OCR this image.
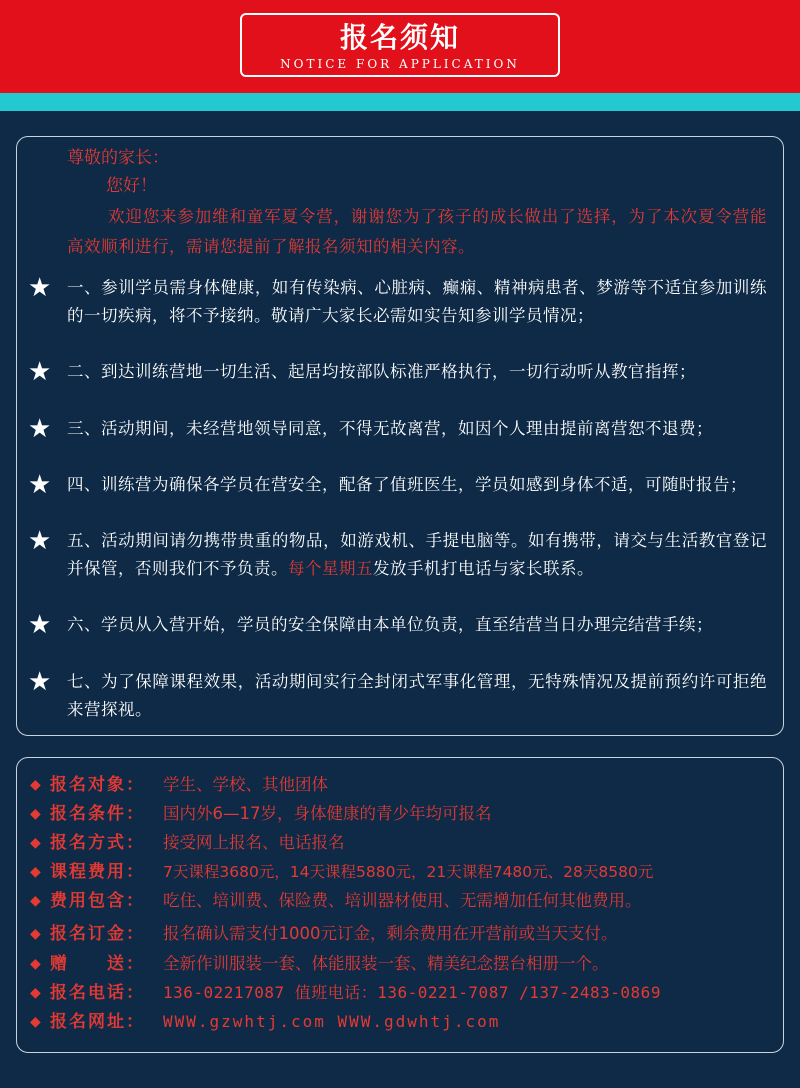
报名须知
NOTICE FOR APPLICATION
尊敬的家长：
您好！
欢迎您来参加维和童军夏令营，谢谢您为了孩子的成长做出了选择，为了本次夏令营能高效顺利进行，需请您提前了解报名须知的相关内容。
★ 一、参训学员需身体健康，如有传染病、心脏病、癫痫、精神病患者、梦游等不适宜参加训练的一切疾病，将不予接纳。敬请广大家长必需如实告知参训学员情况；
★ 二、到达训练营地一切生活、起居均按部队标准严格执行，一切行动听从教官指挥；
★ 三、活动期间，未经营地领导同意，不得无故离营，如因个人理由提前离营恕不退费；
★ 四、训练营为确保各学员在营安全，配备了值班医生，学员如感到身体不适，可随时报告；
★ 五、活动期间请勿携带贵重的物品，如游戏机、手提电脑等。如有携带，请交与生活教官登记并保管，否则我们不予负责。每个星期五发放手机打电话与家长联系。
★ 六、学员从入营开始，学员的安全保障由本单位负责，直至结营当日办理完结营手续；
★ 七、为了保障课程效果，活动期间实行全封闭式军事化管理，无特殊情况及提前预约许可拒绝来营探视。
◆ 报名对象： 学生、学校、其他团体
◆ 报名条件： 国内外6—17岁，身体健康的青少年均可报名
◆ 报名方式： 接受网上报名、电话报名
◆ 课程费用： 7天课程3680元，14天课程5880元，21天课程7480元、28天8580元
◆ 费用包含： 吃住、培训费、保险费、培训器材使用、无需增加任何其他费用。
◆ 报名订金： 报名确认需支付1000元订金，剩余费用在开营前或当天支付。
◆ 赠　　送： 全新作训服装一套、体能服装一套、精美纪念摆台相册一个。
◆ 报名电话： 136-02217087 值班电话：136-0221-7087 /137-2483-0869
◆ 报名网址： WWW.gzwhtj.com WWW.gdwhtj.com
